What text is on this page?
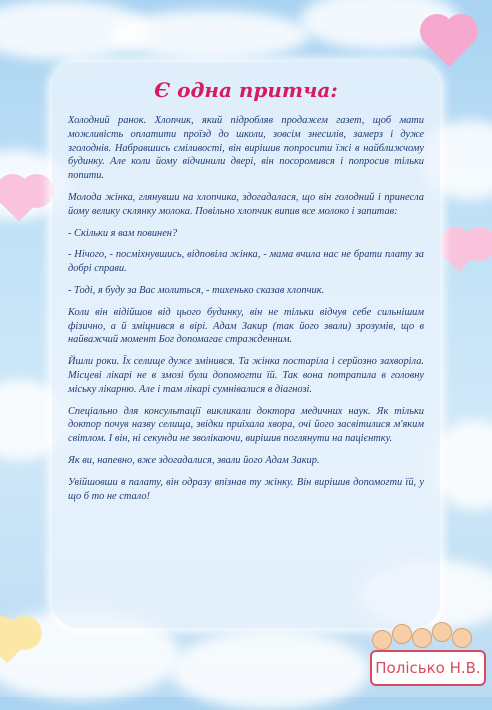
Є одна притча:

Холодний ранок. Хлопчик, який підробляв продажем газет, щоб мати можливість оплатити проїзд до школи, зовсім знесилів, замерз і дуже зголоднів. Набравшись сміливості, він вирішив попросити їжі в найближчому будинку. Але коли йому відчинили двері, він посоромився і попросив тільки попити.

Молода жінка, глянувши на хлопчика, здогадалася, що він голодний і принесла йому велику склянку молока. Повільно хлопчик випив все молоко і запитав:

- Скільки я вам повинен?

- Нічого, - посміхнувшись, відповіла жінка, - мама вчила нас не брати плату за добрі справи.

- Тоді, я буду за Вас молиться, - тихенько сказав хлопчик.

Коли він відійшов від цього будинку, він не тільки відчув себе сильнішим фізично, а й зміцнився в вірі. Адам Закир (так його звали) зрозумів, що в найважчий момент Бог допомагає стражденним.

Йшли роки. Їх селище дуже змінився. Та жінка постаріла і серйозно захворіла. Місцеві лікарі не в змозі були допомогти їй. Так вона потрапила в головну міську лікарню. Але і там лікарі сумнівалися в діагнозі.

Спеціально для консультації викликали доктора медичних наук. Як тільки доктор почув назву селища, звідки приїхала хвора, очі його засвітилися м'яким світлом. І він, ні секунди не зволікаючи, вирішив поглянути на пацієнтку.

Як ви, напевно, вже здогадалися, звали його Адам Закир.

Увійшовши в палату, він одразу впізнав ту жінку. Він вирішив допомогти їй, у що б то не стало!

Полісько Н.В.
